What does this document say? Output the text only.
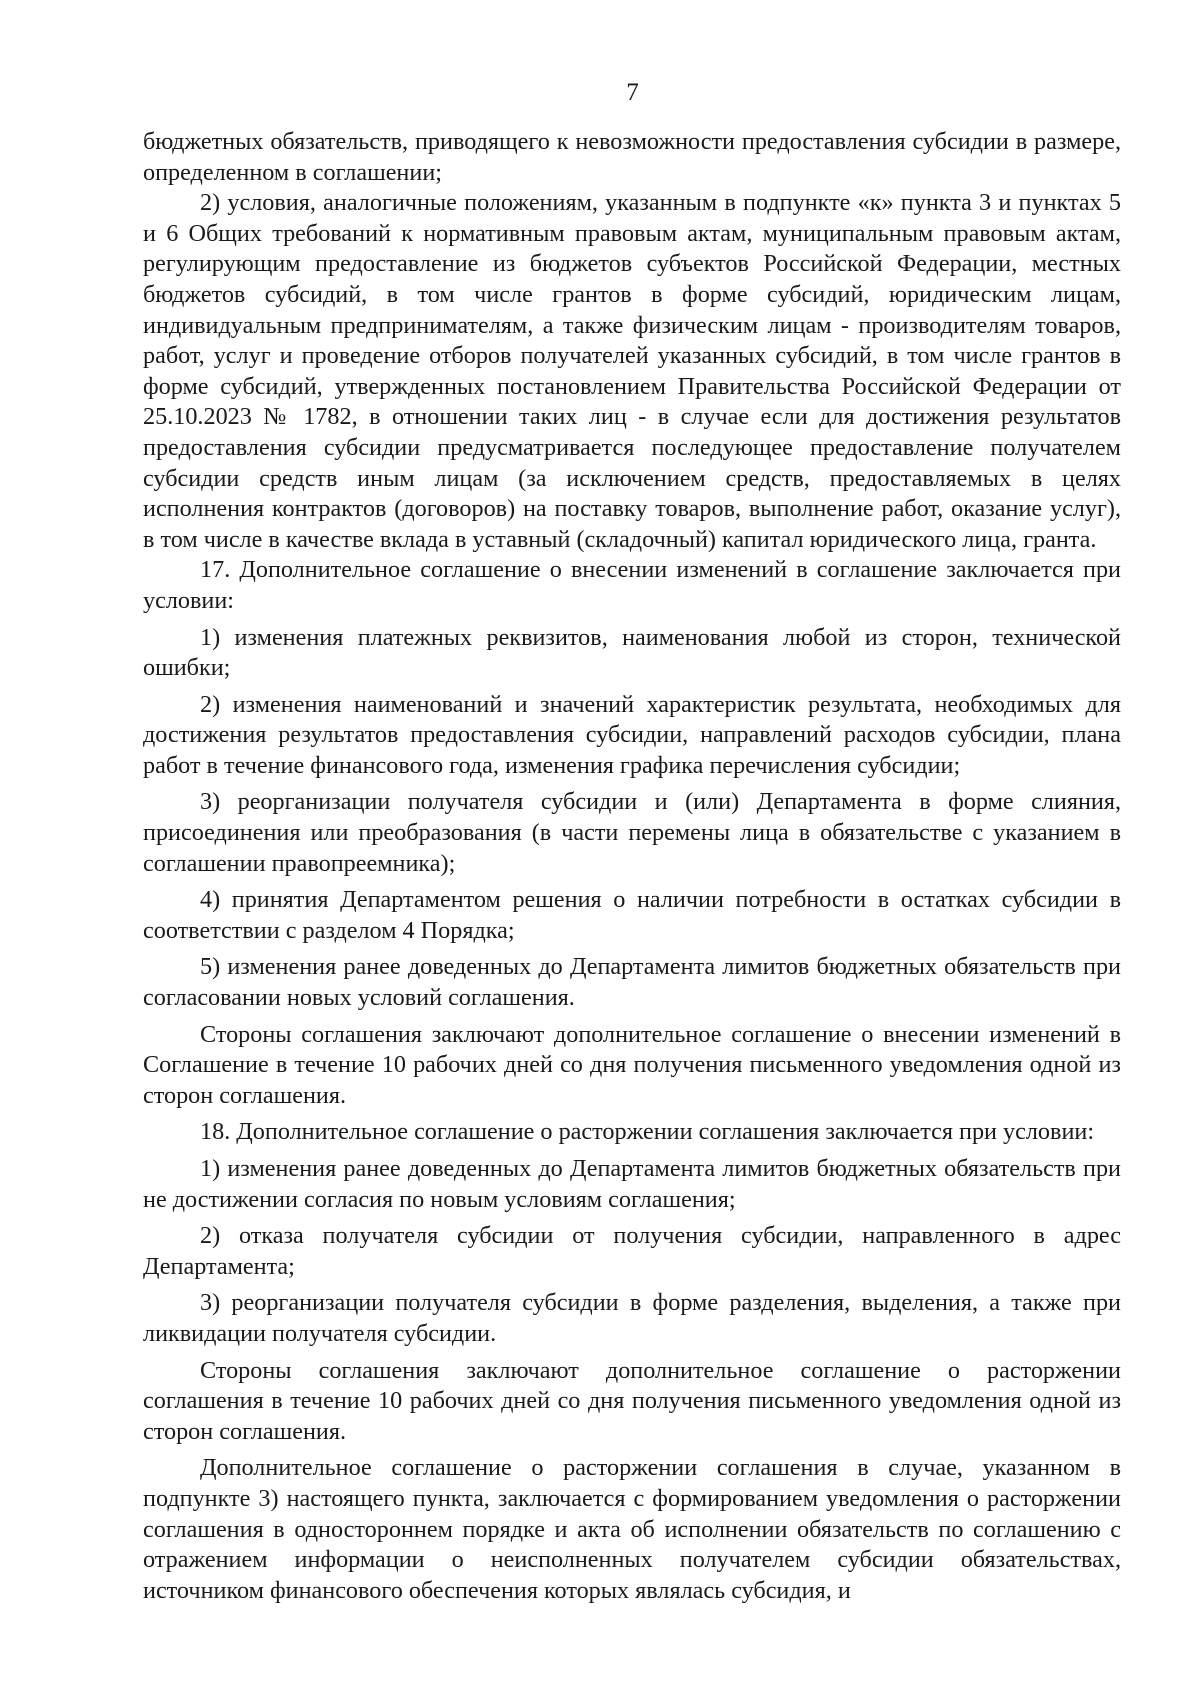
7

бюджетных обязательств, приводящего к невозможности предоставления субсидии в размере, определенном в соглашении;

2) условия, аналогичные положениям, указанным в подпункте «к» пункта 3 и пунктах 5 и 6 Общих требований к нормативным правовым актам, муниципальным правовым актам, регулирующим предоставление из бюджетов субъектов Российской Федерации, местных бюджетов субсидий, в том числе грантов в форме субсидий, юридическим лицам, индивидуальным предпринимателям, а также физическим лицам - производителям товаров, работ, услуг и проведение отборов получателей указанных субсидий, в том числе грантов в форме субсидий, утвержденных постановлением Правительства Российской Федерации от 25.10.2023 № 1782, в отношении таких лиц - в случае если для достижения результатов предоставления субсидии предусматривается последующее предоставление получателем субсидии средств иным лицам (за исключением средств, предоставляемых в целях исполнения контрактов (договоров) на поставку товаров, выполнение работ, оказание услуг), в том числе в качестве вклада в уставный (складочный) капитал юридического лица, гранта.

17. Дополнительное соглашение о внесении изменений в соглашение заключается при условии:

1) изменения платежных реквизитов, наименования любой из сторон, технической ошибки;

2) изменения наименований и значений характеристик результата, необходимых для достижения результатов предоставления субсидии, направлений расходов субсидии, плана работ в течение финансового года, изменения графика перечисления субсидии;

3) реорганизации получателя субсидии и (или) Департамента в форме слияния, присоединения или преобразования (в части перемены лица в обязательстве с указанием в соглашении правопреемника);

4) принятия Департаментом решения о наличии потребности в остатках субсидии в соответствии с разделом 4 Порядка;

5) изменения ранее доведенных до Департамента лимитов бюджетных обязательств при согласовании новых условий соглашения.

Стороны соглашения заключают дополнительное соглашение о внесении изменений в Соглашение в течение 10 рабочих дней со дня получения письменного уведомления одной из сторон соглашения.

18. Дополнительное соглашение о расторжении соглашения заключается при условии:

1) изменения ранее доведенных до Департамента лимитов бюджетных обязательств при не достижении согласия по новым условиям соглашения;

2) отказа получателя субсидии от получения субсидии, направленного в адрес Департамента;

3) реорганизации получателя субсидии в форме разделения, выделения, а также при ликвидации получателя субсидии.

Стороны соглашения заключают дополнительное соглашение о расторжении соглашения в течение 10 рабочих дней со дня получения письменного уведомления одной из сторон соглашения.

Дополнительное соглашение о расторжении соглашения в случае, указанном в подпункте 3) настоящего пункта, заключается с формированием уведомления о расторжении соглашения в одностороннем порядке и акта об исполнении обязательств по соглашению с отражением информации о неисполненных получателем субсидии обязательствах, источником финансового обеспечения которых являлась субсидия, и
